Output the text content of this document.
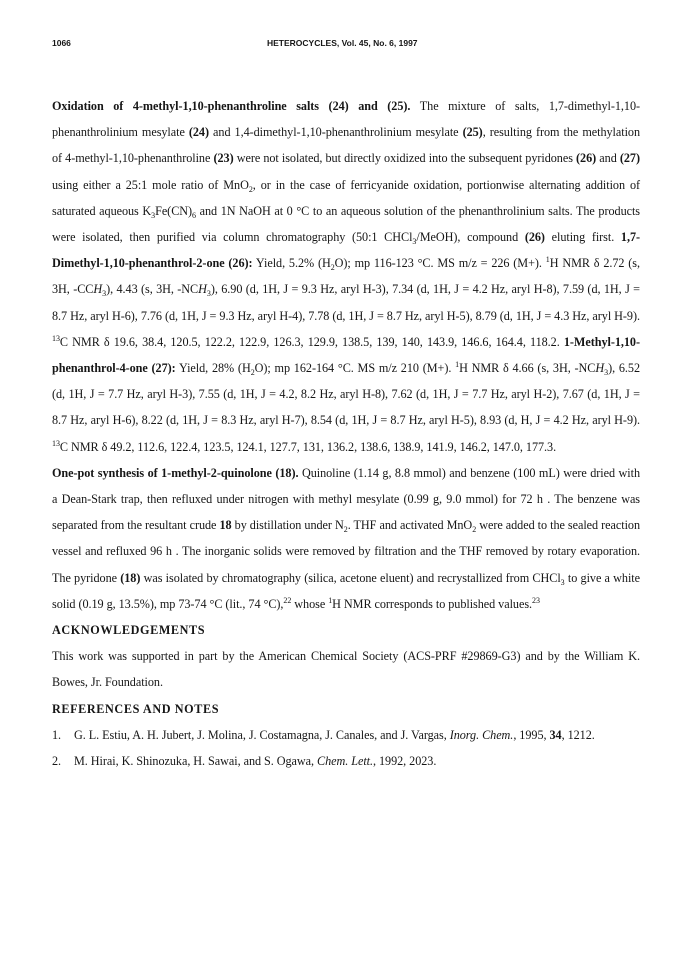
1066	HETEROCYCLES, Vol. 45, No. 6, 1997

Oxidation of 4-methyl-1,10-phenanthroline salts (24) and (25). The mixture of salts, 1,7-dimethyl-1,10-phenanthrolinium mesylate (24) and 1,4-dimethyl-1,10-phenanthrolinium mesylate (25), resulting from the methylation of 4-methyl-1,10-phenanthroline (23) were not isolated, but directly oxidized into the subsequent pyridones (26) and (27) using either a 25:1 mole ratio of MnO$_2$, or in the case of ferricyanide oxidation, portionwise alternating addition of saturated aqueous $K_3Fe(CN)_6$ and 1N NaOH at 0 °C to an aqueous solution of the phenanthrolinium salts. The products were isolated, then purified via column chromatography (50:1 CHCl$_3$/MeOH), compound (26) eluting first. 1,7-Dimethyl-1,10-phenanthrol-2-one (26): Yield, 5.2% $(H_2O)$; mp 116-123 °C. MS m/z = 226 (M+). $^1$H NMR δ 2.72 (s, 3H, $-CCH_3$), 4.43 (s, 3H, $-NCH_3$), 6.90 (d, 1H, J = 9.3 Hz, aryl H-3), 7.34 (d, 1H, J = 4.2 Hz, aryl H-8), 7.59 (d, 1H, J = 8.7 Hz, aryl H-6), 7.76 (d, 1H, J = 9.3 Hz, aryl H-4), 7.78 (d, 1H, J = 8.7 Hz, aryl H-5), 8.79 (d, 1H, J = 4.3 Hz, aryl H-9). $^{13}$C NMR δ 19.6, 38.4, 120.5, 122.2, 122.9, 126.3, 129.9, 138.5, 139, 140, 143.9, 146.6, 164.4, 118.2. 1-Methyl-1,10-phenanthrol-4-one (27): Yield, 28% $(H_2O)$; mp 162-164 °C. MS m/z 210 (M+). $^1$H NMR δ 4.66 (s, 3H, $-NCH_3$), 6.52 (d, 1H, J = 7.7 Hz, aryl H-3), 7.55 (d, 1H, J = 4.2, 8.2 Hz, aryl H-8), 7.62 (d, 1H, J = 7.7 Hz, aryl H-2), 7.67 (d, 1H, J = 8.7 Hz, aryl H-6), 8.22 (d, 1H, J = 8.3 Hz, aryl H-7), 8.54 (d, 1H, J = 8.7 Hz, aryl H-5), 8.93 (d, H, J = 4.2 Hz, aryl H-9). $^{13}$C NMR δ 49.2, 112.6, 122.4, 123.5, 124.1, 127.7, 131, 136.2, 138.6, 138.9, 141.9, 146.2, 147.0, 177.3.

One-pot synthesis of 1-methyl-2-quinolone (18). Quinoline (1.14 g, 8.8 mmol) and benzene (100 mL) were dried with a Dean-Stark trap, then refluxed under nitrogen with methyl mesylate (0.99 g, 9.0 mmol) for 72 h . The benzene was separated from the resultant crude 18 by distillation under $N_2$. THF and activated MnO$_2$ were added to the sealed reaction vessel and refluxed 96 h . The inorganic solids were removed by filtration and the THF removed by rotary evaporation. The pyridone (18) was isolated by chromatography (silica, acetone eluent) and recrystallized from CHCl$_3$ to give a white solid (0.19 g, 13.5%), mp 73-74 °C (lit., 74 °C),$^{22}$ whose $^1$H NMR corresponds to published values.$^{23}$

ACKNOWLEDGEMENTS

This work was supported in part by the American Chemical Society (ACS-PRF #29869-G3) and by the William K. Bowes, Jr. Foundation.

REFERENCES AND NOTES

1. G. L. Estiu, A. H. Jubert, J. Molina, J. Costamagna, J. Canales, and J. Vargas, Inorg. Chem., 1995, 34, 1212.
2. M. Hirai, K. Shinozuka, H. Sawai, and S. Ogawa, Chem. Lett., 1992, 2023.
